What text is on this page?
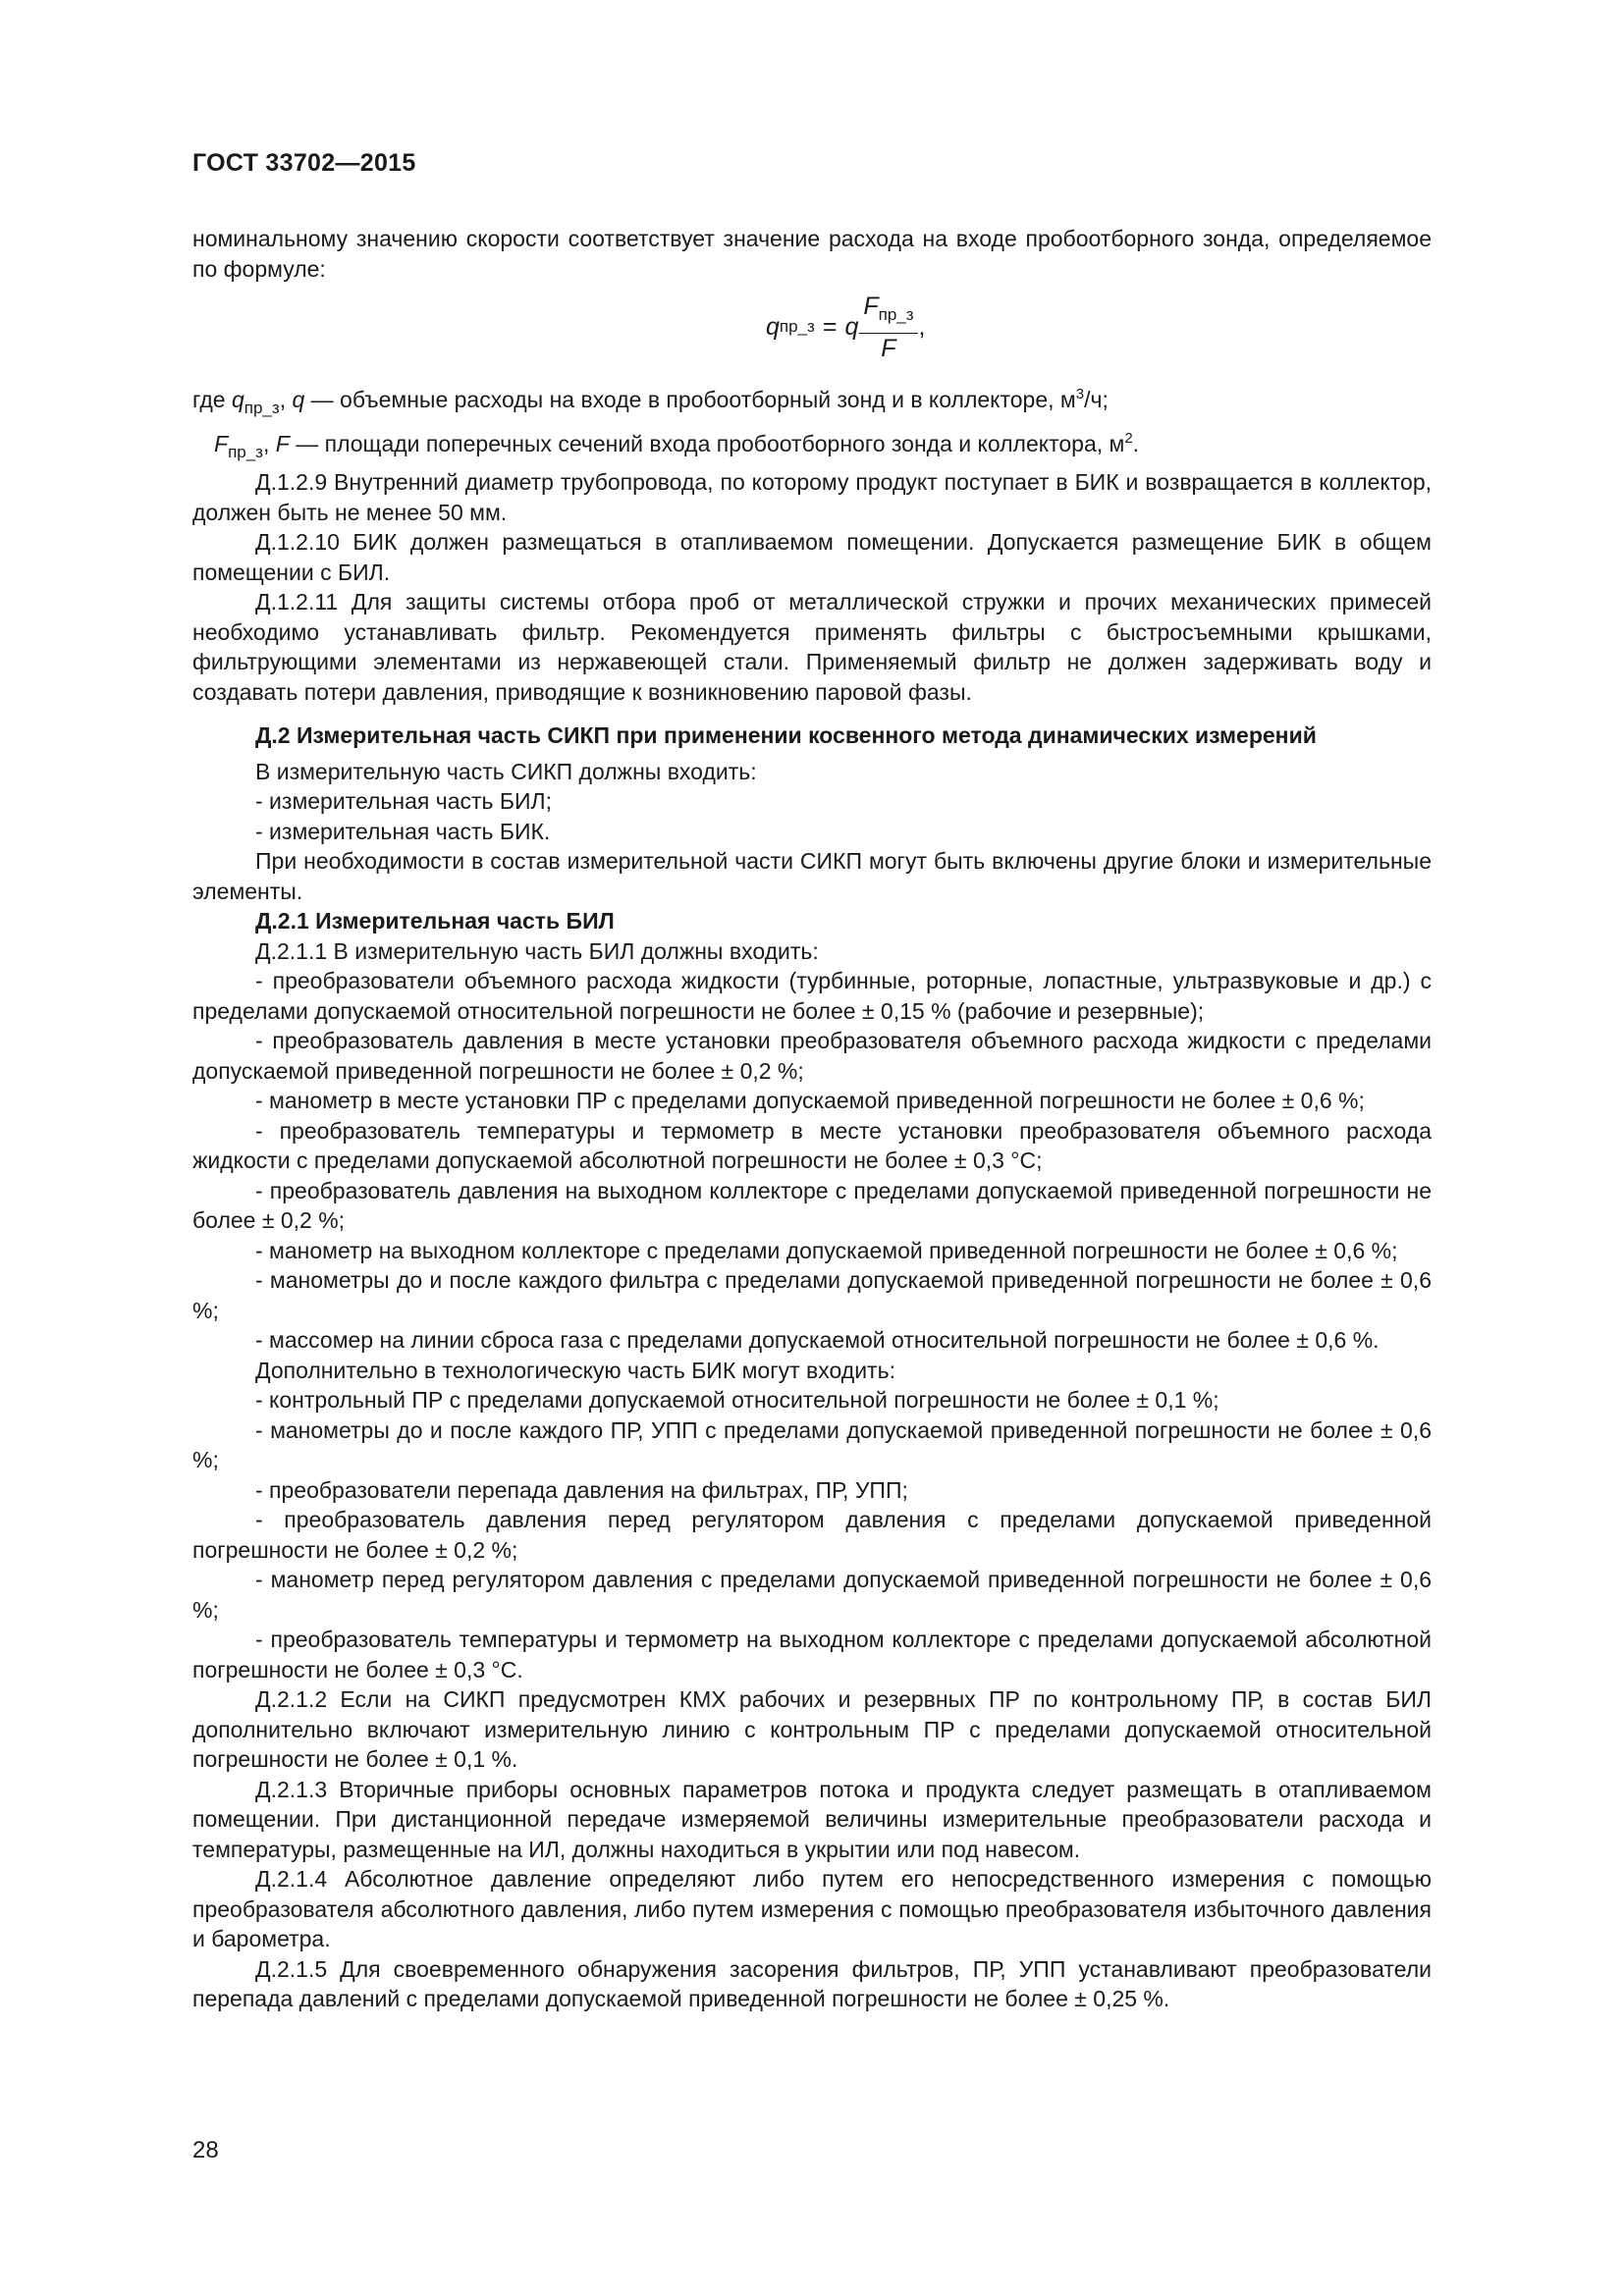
ГОСТ 33702—2015

номинальному значению скорости соответствует значение расхода на входе пробоотборного зонда, определяемое по формуле:

q пр_з = q $\frac{F_{пр\_з}}{F}$ ,

где $q_{пр\_з}$, q — объемные расходы на входе в пробоотборный зонд и в коллекторе, $м^3/ч$;

$F_{пр\_з}$, F — площади поперечных сечений входа пробоотборного зонда и коллектора, $м^2$.

Д.1.2.9 Внутренний диаметр трубопровода, по которому продукт поступает в БИК и возвращается в коллектор, должен быть не менее 50 мм.

Д.1.2.10 БИК должен размещаться в отапливаемом помещении. Допускается размещение БИК в общем помещении с БИЛ.

Д.1.2.11 Для защиты системы отбора проб от металлической стружки и прочих механических примесей необходимо устанавливать фильтр. Рекомендуется применять фильтры с быстросъемными крышками, фильтрующими элементами из нержавеющей стали. Применяемый фильтр не должен задерживать воду и создавать потери давления, приводящие к возникновению паровой фазы.

Д.2 Измерительная часть СИКП при применении косвенного метода динамических измерений

В измерительную часть СИКП должны входить:

- измерительная часть БИЛ;

- измерительная часть БИК.

При необходимости в состав измерительной части СИКП могут быть включены другие блоки и измерительные элементы.

Д.2.1 Измерительная часть БИЛ

Д.2.1.1 В измерительную часть БИЛ должны входить:

- преобразователи объемного расхода жидкости (турбинные, роторные, лопастные, ультразвуковые и др.) с пределами допускаемой относительной погрешности не более ± 0,15 % (рабочие и резервные);

- преобразователь давления в месте установки преобразователя объемного расхода жидкости с пределами допускаемой приведенной погрешности не более ± 0,2 %;

- манометр в месте установки ПР с пределами допускаемой приведенной погрешности не более ± 0,6 %;

- преобразователь температуры и термометр в месте установки преобразователя объемного расхода жидкости с пределами допускаемой абсолютной погрешности не более ± 0,3 °С;

- преобразователь давления на выходном коллекторе с пределами допускаемой приведенной погрешности не более ± 0,2 %;

- манометр на выходном коллекторе с пределами допускаемой приведенной погрешности не более ± 0,6 %;

- манометры до и после каждого фильтра с пределами допускаемой приведенной погрешности не более ± 0,6 %;

- массомер на линии сброса газа с пределами допускаемой относительной погрешности не более ± 0,6 %.

Дополнительно в технологическую часть БИК могут входить:

- контрольный ПР с пределами допускаемой относительной погрешности не более ± 0,1 %;

- манометры до и после каждого ПР, УПП с пределами допускаемой приведенной погрешности не более ± 0,6 %;

- преобразователи перепада давления на фильтрах, ПР, УПП;

- преобразователь давления перед регулятором давления с пределами допускаемой приведенной погрешности не более ± 0,2 %;

- манометр перед регулятором давления с пределами допускаемой приведенной погрешности не более ± 0,6 %;

- преобразователь температуры и термометр на выходном коллекторе с пределами допускаемой абсолютной погрешности не более ± 0,3 °С.

Д.2.1.2 Если на СИКП предусмотрен КМХ рабочих и резервных ПР по контрольному ПР, в состав БИЛ дополнительно включают измерительную линию с контрольным ПР с пределами допускаемой относительной погрешности не более ± 0,1 %.

Д.2.1.3 Вторичные приборы основных параметров потока и продукта следует размещать в отапливаемом помещении. При дистанционной передаче измеряемой величины измерительные преобразователи расхода и температуры, размещенные на ИЛ, должны находиться в укрытии или под навесом.

Д.2.1.4 Абсолютное давление определяют либо путем его непосредственного измерения с помощью преобразователя абсолютного давления, либо путем измерения с помощью преобразователя избыточного давления и барометра.

Д.2.1.5 Для своевременного обнаружения засорения фильтров, ПР, УПП устанавливают преобразователи перепада давлений с пределами допускаемой приведенной погрешности не более ± 0,25 %.

28
